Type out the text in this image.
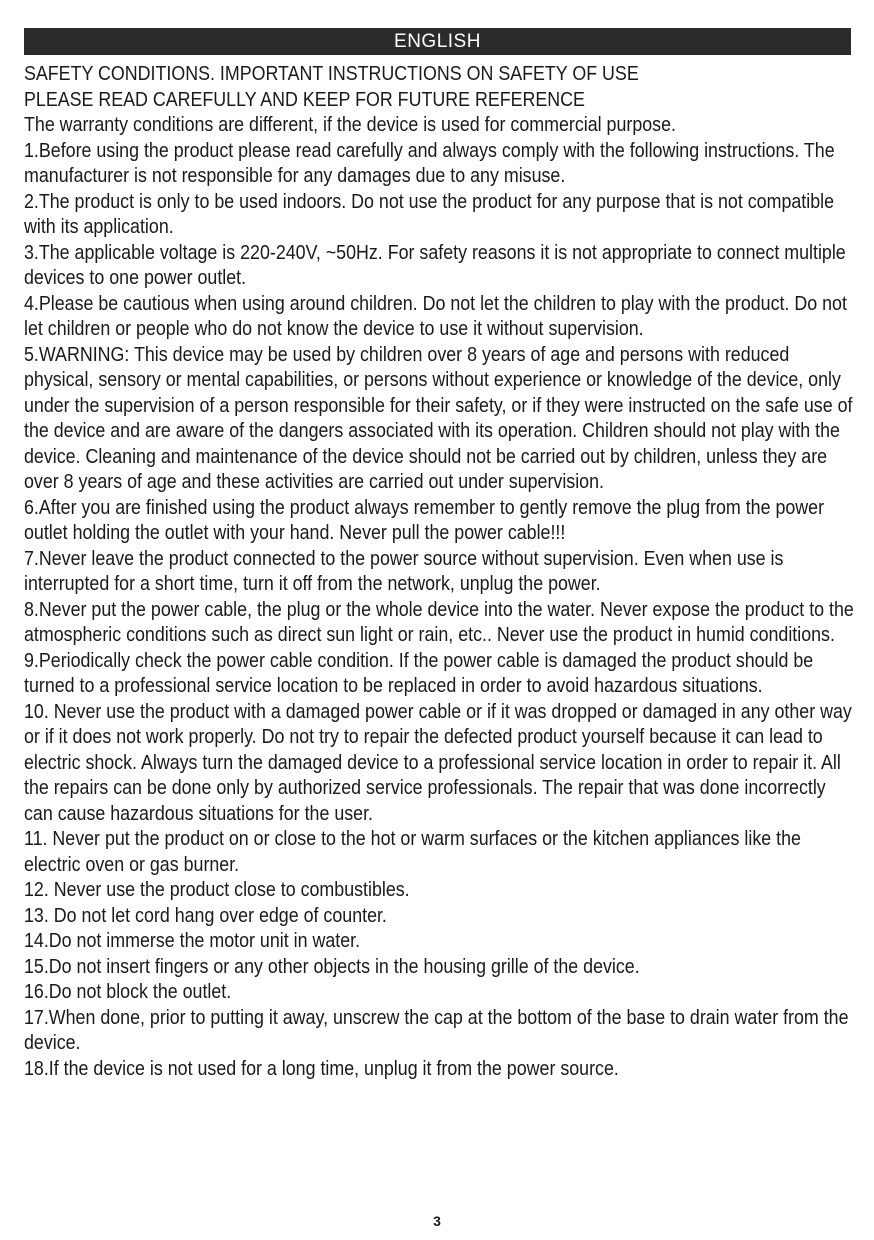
ENGLISH

SAFETY CONDITIONS. IMPORTANT INSTRUCTIONS ON SAFETY OF USE

PLEASE READ CAREFULLY AND KEEP FOR FUTURE REFERENCE

The warranty conditions are different, if the device is used for commercial purpose.

1.Before using the product please read carefully and always comply with the following instructions. The manufacturer is not responsible for any damages due to any misuse.

2.The product is only to be used indoors. Do not use the product for any purpose that is not compatible with its application.

3.The applicable voltage is 220-240V, ~50Hz. For safety reasons it is not appropriate to connect multiple devices to one power outlet.

4.Please be cautious when using around children. Do not let the children to play with the product. Do not let children or people who do not know the device to use it without supervision.

5.WARNING: This device may be used by children over 8 years of age and persons with reduced physical, sensory or mental capabilities, or persons without experience or knowledge of the device, only under the supervision of a person responsible for their safety, or if they were instructed on the safe use of the device and are aware of the dangers associated with its operation. Children should not play with the device. Cleaning and maintenance of the device should not be carried out by children, unless they are over 8 years of age and these activities are carried out under supervision.

6.After you are finished using the product always remember to gently remove the plug from the power outlet holding the outlet with your hand. Never pull the power cable!!!

7.Never leave the product connected to the power source without supervision. Even when use is interrupted for a short time, turn it off from the network, unplug the power.

8.Never put the power cable, the plug or the whole device into the water. Never expose the product to the atmospheric conditions such as direct sun light or rain, etc.. Never use the product in humid conditions.

9.Periodically check the power cable condition. If the power cable is damaged the product should be turned to a professional service location to be replaced in order to avoid hazardous situations.

10. Never use the product with a damaged power cable or if it was dropped or damaged in any other way or if it does not work properly. Do not try to repair the defected product yourself because it can lead to electric shock. Always turn the damaged device to a professional service location in order to repair it. All the repairs can be done only by authorized service professionals. The repair that was done incorrectly can cause hazardous situations for the user.

11. Never put the product on or close to the hot or warm surfaces or the kitchen appliances like the electric oven or gas burner.

12. Never use the product close to combustibles.

13. Do not let cord hang over edge of counter.

14.Do not immerse the motor unit in water.

15.Do not insert fingers or any other objects in the housing grille of the device.

16.Do not block the outlet.

17.When done, prior to putting it away, unscrew the cap at the bottom of the base to drain water from the device.

18.If the device is not used for a long time, unplug it from the power source.

3
